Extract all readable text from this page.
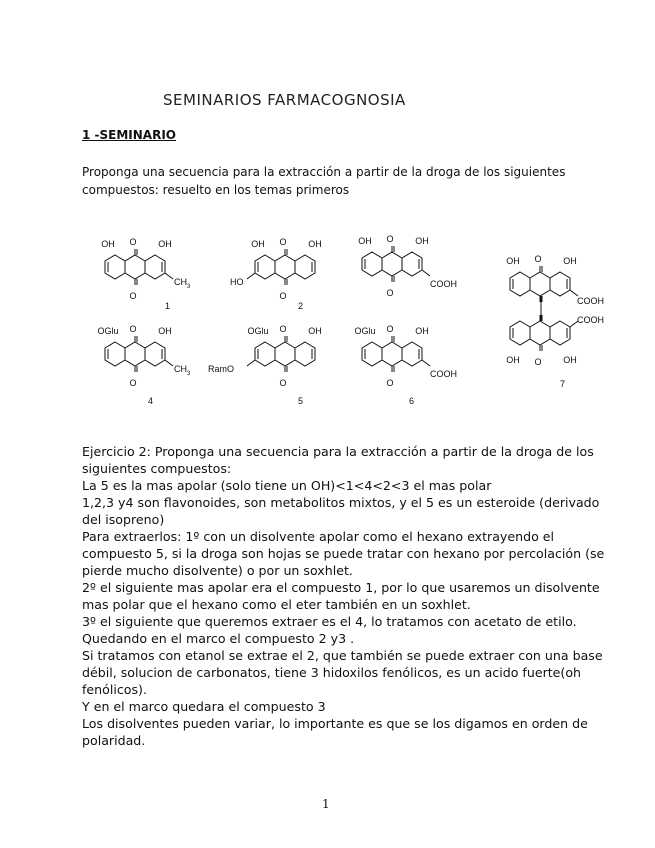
SEMINARIOS FARMACOGNOSIA
1 -SEMINARIO
Proponga una secuencia para la extracción a partir de la droga de los siguientes
compuestos: resuelto en los temas primeros
O
O
OH	OH
$CH_3$
1
O
O
OH	OH
HO
2
O
O
OH	OH
COOH
O
O
OGlu	OH
$CH_3$
4
O
O
OGlu	OH
RamO
5
O
O
OGlu	OH
COOH
6
O
OH	OH
COOH
O
OH	OH
COOH
7
Ejercicio 2: Proponga una secuencia para la extracción a partir de la droga de los
siguientes compuestos:
La 5 es la mas apolar (solo tiene un OH)<1<4<2<3 el mas polar
1,2,3 y4 son flavonoides, son metabolitos mixtos, y el 5 es un esteroide (derivado
del isopreno)
Para extraerlos: 1º con un disolvente apolar como el hexano extrayendo el
compuesto 5, si la droga son hojas se puede tratar con hexano por percolación (se
pierde mucho disolvente) o por un soxhlet.
2º el siguiente mas apolar era el compuesto 1, por lo que usaremos un disolvente
mas polar que el hexano como el eter también en un soxhlet.
3º el siguiente que queremos extraer es el 4, lo tratamos con acetato de etilo.
Quedando en el marco el compuesto 2 y3 .
Si tratamos con etanol se extrae el 2, que también se puede extraer con una base
débil, solucion de carbonatos, tiene 3 hidoxilos fenólicos, es un acido fuerte(oh
fenólicos).
Y en el marco quedara el compuesto 3
Los disolventes pueden variar, lo importante es que se los digamos en orden de
polaridad.
1
